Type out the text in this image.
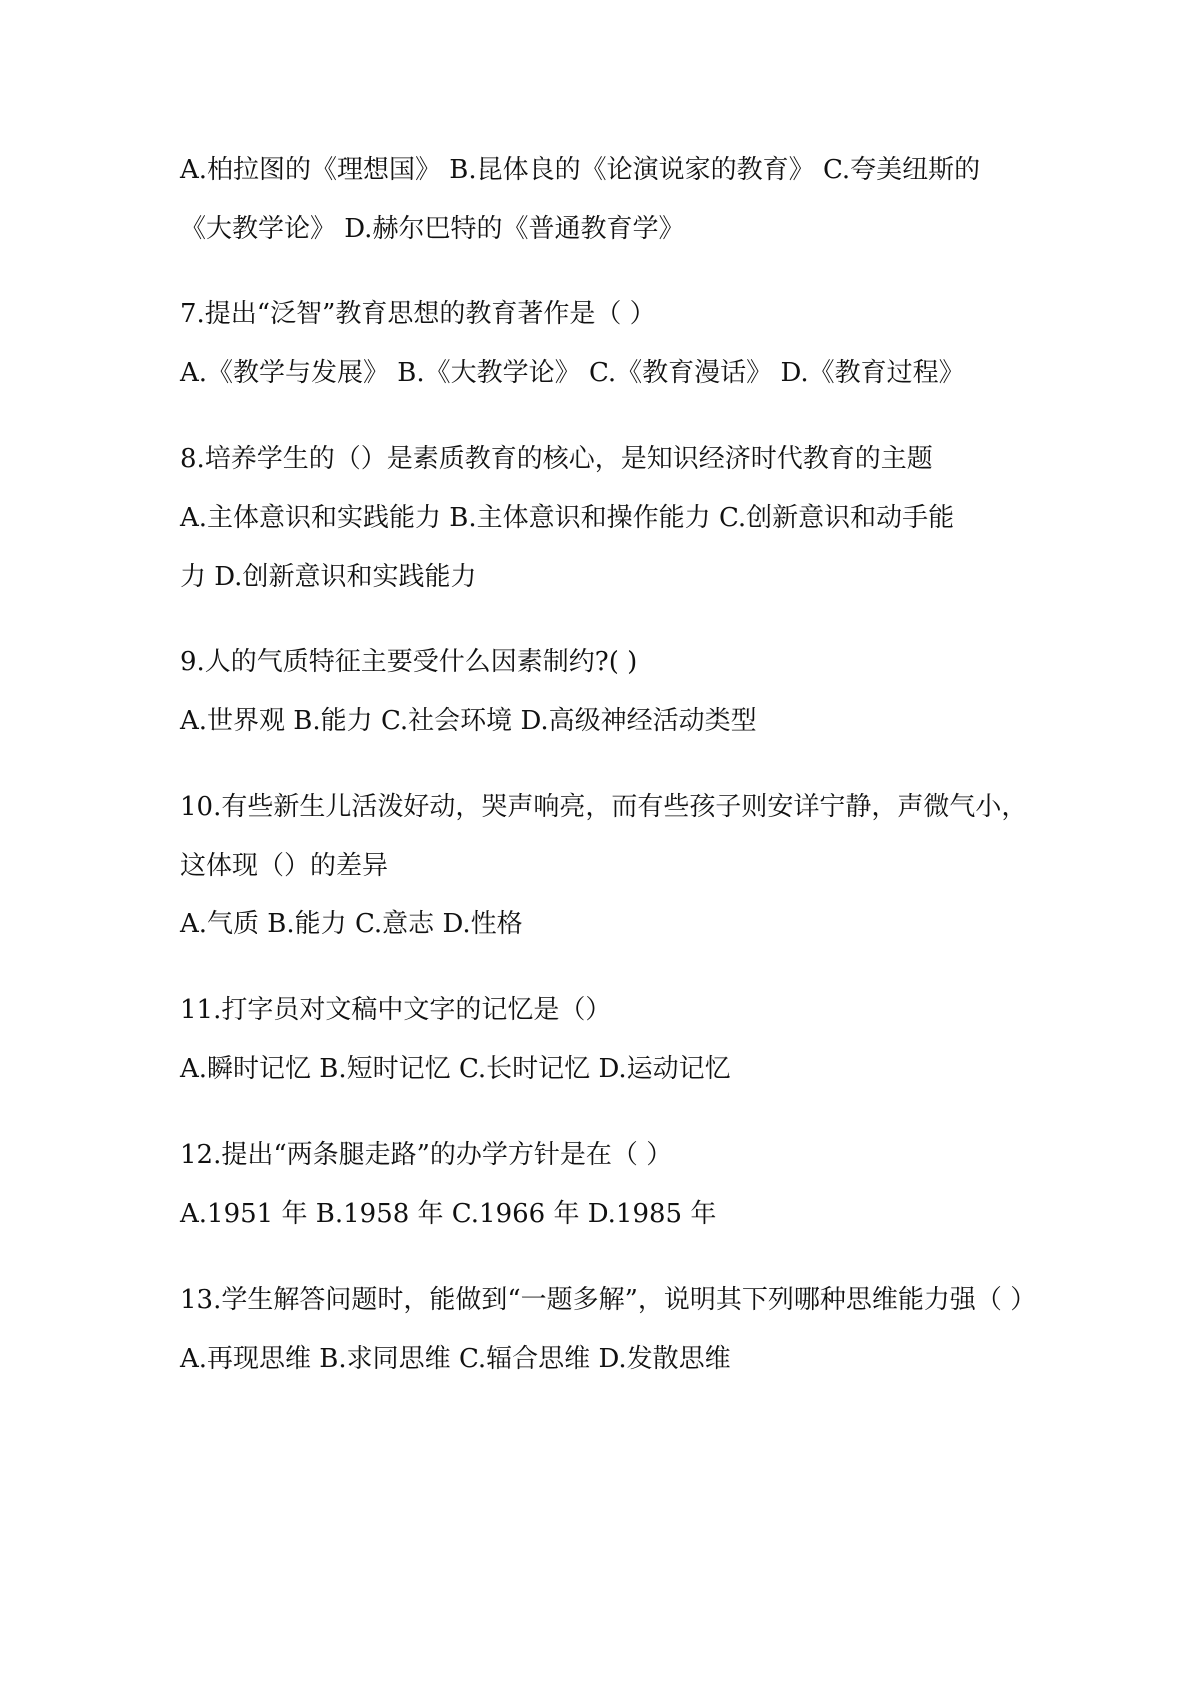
A.柏拉图的《理想国》 B.昆体良的《论演说家的教育》 C.夸美纽斯的
《大教学论》 D.赫尔巴特的《普通教育学》
7.提出“泛智”教育思想的教育著作是（ ）
A.《教学与发展》 B.《大教学论》 C.《教育漫话》 D.《教育过程》
8.培养学生的（）是素质教育的核心，是知识经济时代教育的主题
A.主体意识和实践能力 B.主体意识和操作能力 C.创新意识和动手能
力 D.创新意识和实践能力
9.人的气质特征主要受什么因素制约?( )
A.世界观 B.能力 C.社会环境 D.高级神经活动类型
10.有些新生儿活泼好动，哭声响亮，而有些孩子则安详宁静，声微气小，
这体现（）的差异
A.气质 B.能力 C.意志 D.性格
11.打字员对文稿中文字的记忆是（）
A.瞬时记忆 B.短时记忆 C.长时记忆 D.运动记忆
12.提出“两条腿走路”的办学方针是在（ ）
A.1951 年 B.1958 年 C.1966 年 D.1985 年
13.学生解答问题时，能做到“一题多解”，说明其下列哪种思维能力强（ ）
A.再现思维 B.求同思维 C.辐合思维 D.发散思维
